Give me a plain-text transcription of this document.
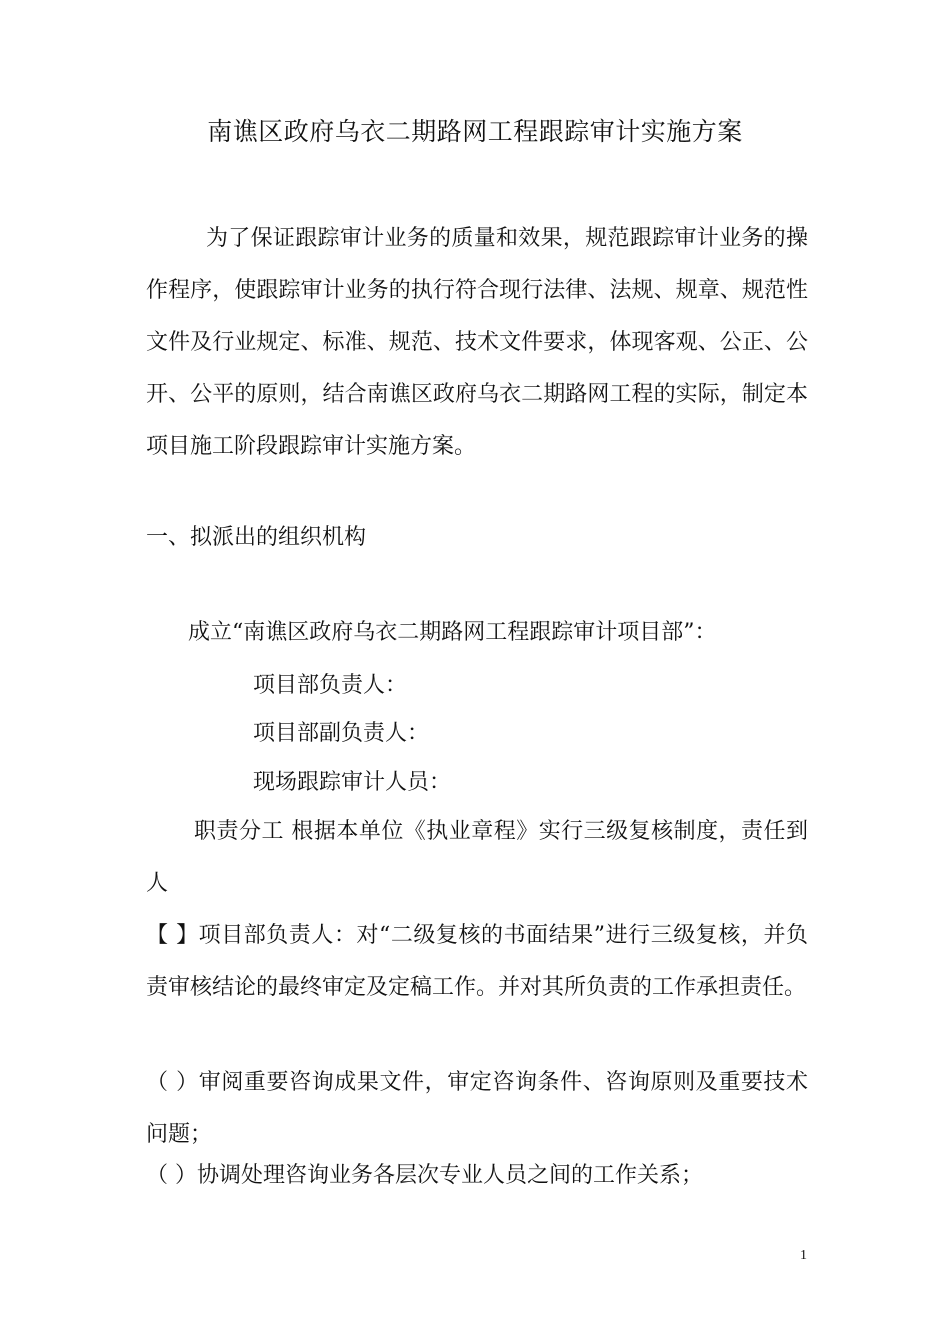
南谯区政府乌衣二期路网工程跟踪审计实施方案

为了保证跟踪审计业务的质量和效果，规范跟踪审计业务的操作程序，使跟踪审计业务的执行符合现行法律、法规、规章、规范性文件及行业规定、标准、规范、技术文件要求，体现客观、公正、公开、公平的原则，结合南谯区政府乌衣二期路网工程的实际，制定本项目施工阶段跟踪审计实施方案。

一、拟派出的组织机构
成立“南谯区政府乌衣二期路网工程跟踪审计项目部”：
项目部负责人：
项目部副负责人：
现场跟踪审计人员：

职责分工 根据本单位《执业章程》实行三级复核制度，责任到人

【 】项目部负责人：对“二级复核的书面结果”进行三级复核，并负责审核结论的最终审定及定稿工作。并对其所负责的工作承担责任。

（ ）审阅重要咨询成果文件，审定咨询条件、咨询原则及重要技术问题；

（ ）协调处理咨询业务各层次专业人员之间的工作关系；
1
